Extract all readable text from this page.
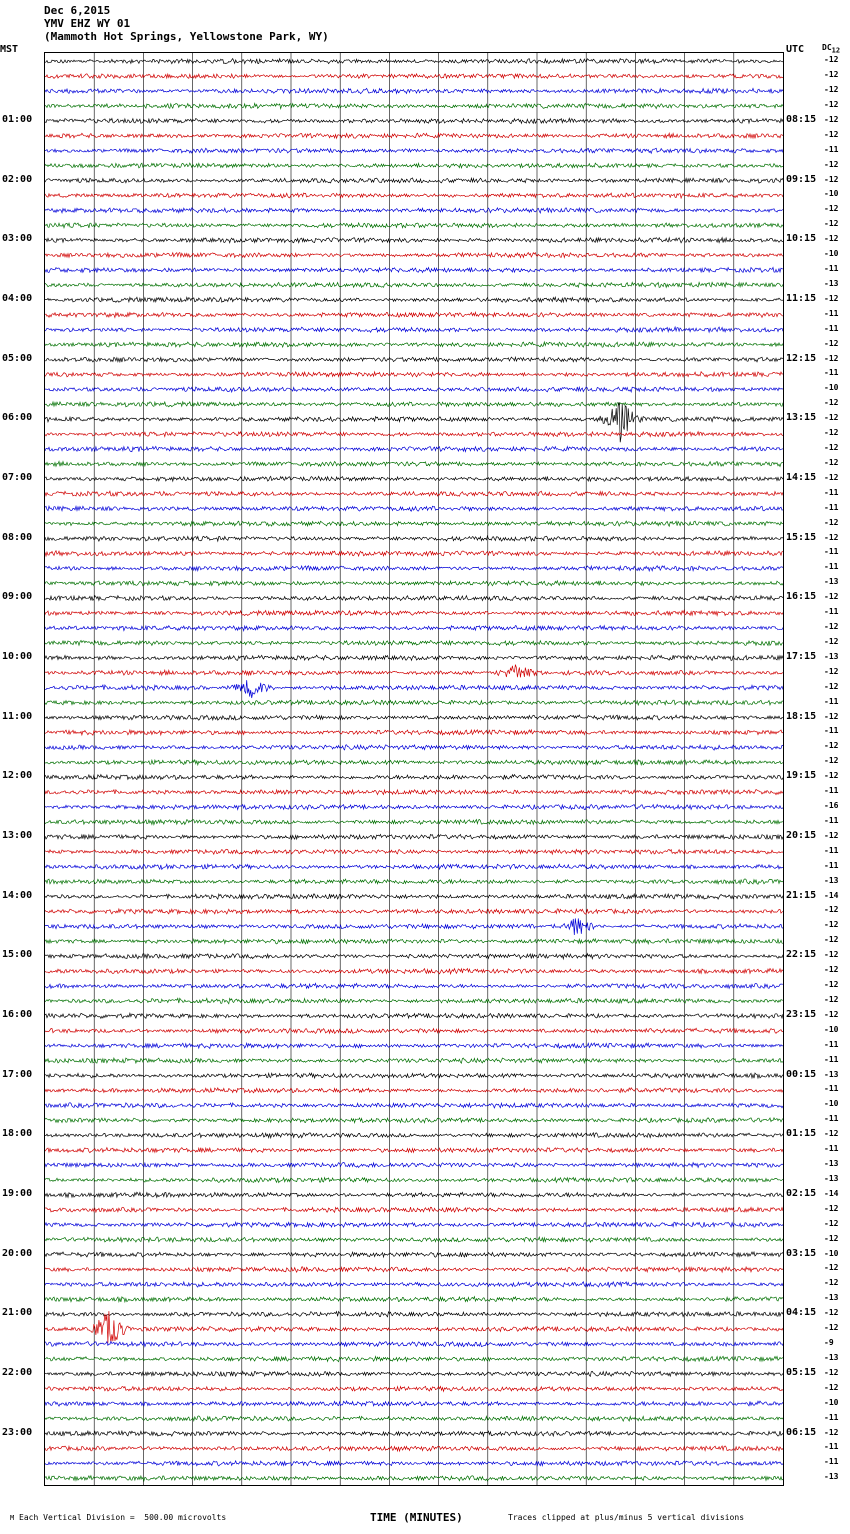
Dec 6,2015
YMV EHZ WY 01
(Mammoth Hot Springs, Yellowstone Park, WY)
MST	UTC $DC_{12}$
01:00	08:15
02:00	09:15
03:00	10:15
04:00	11:15
05:00	12:15
06:00	13:15
07:00	14:15
08:00	15:15
09:00	16:15
10:00	17:15
11:00	18:15
12:00	19:15
13:00	20:15
14:00	21:15
15:00	22:15
16:00	23:15
17:00	00:15
18:00	01:15
19:00	02:15
20:00	03:15
21:00	04:15
22:00	05:15
23:00	06:15
-12
-12
-12
-12
-12
-12
-11
-12
-12
-10
-12
-12
-12
-10
-11
-13
-12
-11
-11
-12
-12
-11
-10
-12
-12
-12
-12
-12
-12
-11
-11
-12
-12
-11
-11
-13
-12
-11
-12
-12
-13
-12
-12
-11
-12
-11
-12
-12
-12
-11
-16
-11
-12
-11
-11
-13
-14
-12
-12
-12
-12
-12
-12
-12
-12
-10
-11
-11
-13
-11
-10
-11
-12
-11
-13
-13
-14
-12
-12
-12
-10
-12
-12
-13
-12
-12
-9
-13
-12
-12
-10
-11
-12
-11
-11
-13
M Each Vertical Division =  500.00 microvolts	TIME (MINUTES)	Traces clipped at plus/minus 5 vertical divisions
